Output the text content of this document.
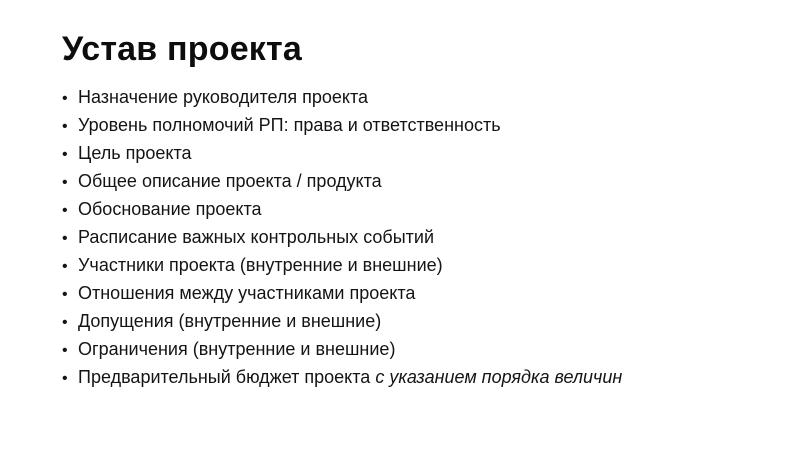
Устав проекта
• Назначение руководителя проекта
• Уровень полномочий РП: права и ответственность
• Цель проекта
• Общее описание проекта / продукта
• Обоснование проекта
• Расписание важных контрольных событий
• Участники проекта (внутренние и внешние)
• Отношения между участниками проекта
• Допущения (внутренние и внешние)
• Ограничения (внутренние и внешние)
• Предварительный бюджет проекта с указанием порядка величин
